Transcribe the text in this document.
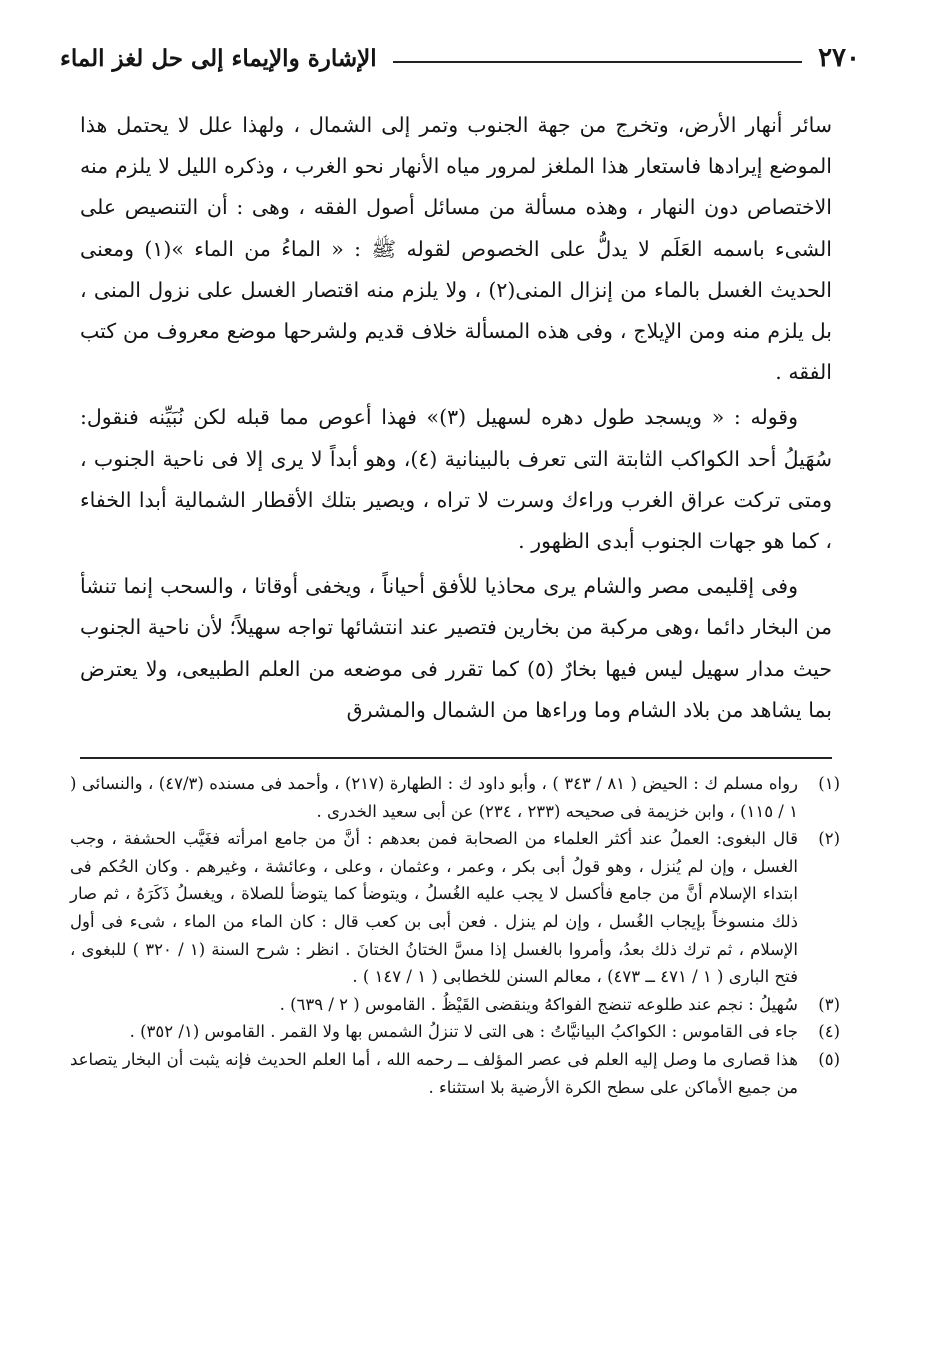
٢٧٠
الإشارة والإيماء إلى حل لغز الماء

سائر أنهار الأرض، وتخرج من جهة الجنوب وتمر إلى الشمال ، ولهذا علل لا يحتمل هذا الموضع إيرادها فاستعار هذا الملغز لمرور مياه الأنهار نحو الغرب ، وذكره الليل لا يلزم منه الاختصاص دون النهار ، وهذه مسألة من مسائل أصول الفقه ، وهى : أن التنصيص على الشىء باسمه العَلَم لا يدلُّ على الخصوص لقوله ﷺ : « الماءُ من الماء »(١) ومعنى الحديث الغسل بالماء من إنزال المنى(٢) ، ولا يلزم منه اقتصار الغسل على نزول المنى ، بل يلزم منه ومن الإيلاج ، وفى هذه المسألة خلاف قديم ولشرحها موضع معروف من كتب الفقه .

وقوله : « ويسجد طول دهره لسهيل (٣)» فهذا أعوص مما قبله لكن نُبَيِّنه فنقول: سُهَيلُ أحد الكواكب الثابتة التى تعرف بالبينانية (٤)، وهو أبداً لا يرى إلا فى ناحية الجنوب ، ومتى تركت عراق الغرب وراءك وسرت لا تراه ، ويصير بتلك الأقطار الشمالية أبدا الخفاء ، كما هو جهات الجنوب أبدى الظهور .

وفى إقليمى مصر والشام يرى محاذيا للأفق أحياناً ، ويخفى أوقاتا ، والسحب إنما تنشأ من البخار دائما ،وهى مركبة من بخارين فتصير عند انتشائها تواجه سهيلاً؛ لأن ناحية الجنوب حيث مدار سهيل ليس فيها بخارٌ (٥) كما تقرر فى موضعه من العلم الطبيعى، ولا يعترض بما يشاهد من بلاد الشام وما وراءها من الشمال والمشرق

(١)
رواه مسلم ك : الحيض ( ٨١ / ٣٤٣ ) ، وأبو داود ك : الطهارة (٢١٧) ، وأحمد فى مسنده (٤٧/٣) ، والنسائى ( ١ / ١١٥) ، وابن خزيمة فى صحيحه (٢٣٣ ، ٢٣٤) عن أبى سعيد الخدرى .

(٢)
قال البغوى: العملُ عند أكثر العلماء من الصحابة فمن بعدهم : أنَّ من جامع امرأته فغَيَّب الحشفة ، وجب الغسل ، وإن لم يُنزل ، وهو قولُ أبى بكر ، وعمر ، وعثمان ، وعلى ، وعائشة ، وغيرهم . وكان الحُكم فى ابتداء الإسلام أنَّ من جامع فأكسل لا يجب عليه الغُسلُ ، ويتوضأ كما يتوضأ للصلاة ، ويغسلُ ذَكَرَهُ ، ثم صار ذلك منسوخاً بإيجاب الغُسل ، وإن لم ينزل . فعن أبى بن كعب قال : كان الماء من الماء ، شىء فى أول الإسلام ، ثم ترك ذلك بعدُ، وأمروا بالغسل إذا مسَّ الختانُ الختانَ . انظر : شرح السنة (١ / ٣٢٠ ) للبغوى ، فتح البارى ( ١ / ٤٧١ ــ ٤٧٣) ، معالم السنن للخطابى ( ١ / ١٤٧ ) .

(٣)
سُهيلُ : نجم عند طلوعه تنضج الفواكهُ وينقضى القَيْظُ . القاموس ( ٢ / ٦٣٩) .

(٤)
جاء فى القاموس : الكواكبُ البيانيَّاتُ : هى التى لا تنزلُ الشمس بها ولا القمر . القاموس (١/ ٣٥٢) .

(٥)
هذا قصارى ما وصل إليه العلم فى عصر المؤلف ــ رحمه الله ، أما العلم الحديث فإنه يثبت أن البخار يتصاعد من جميع الأماكن على سطح الكرة الأرضية بلا استثناء .
